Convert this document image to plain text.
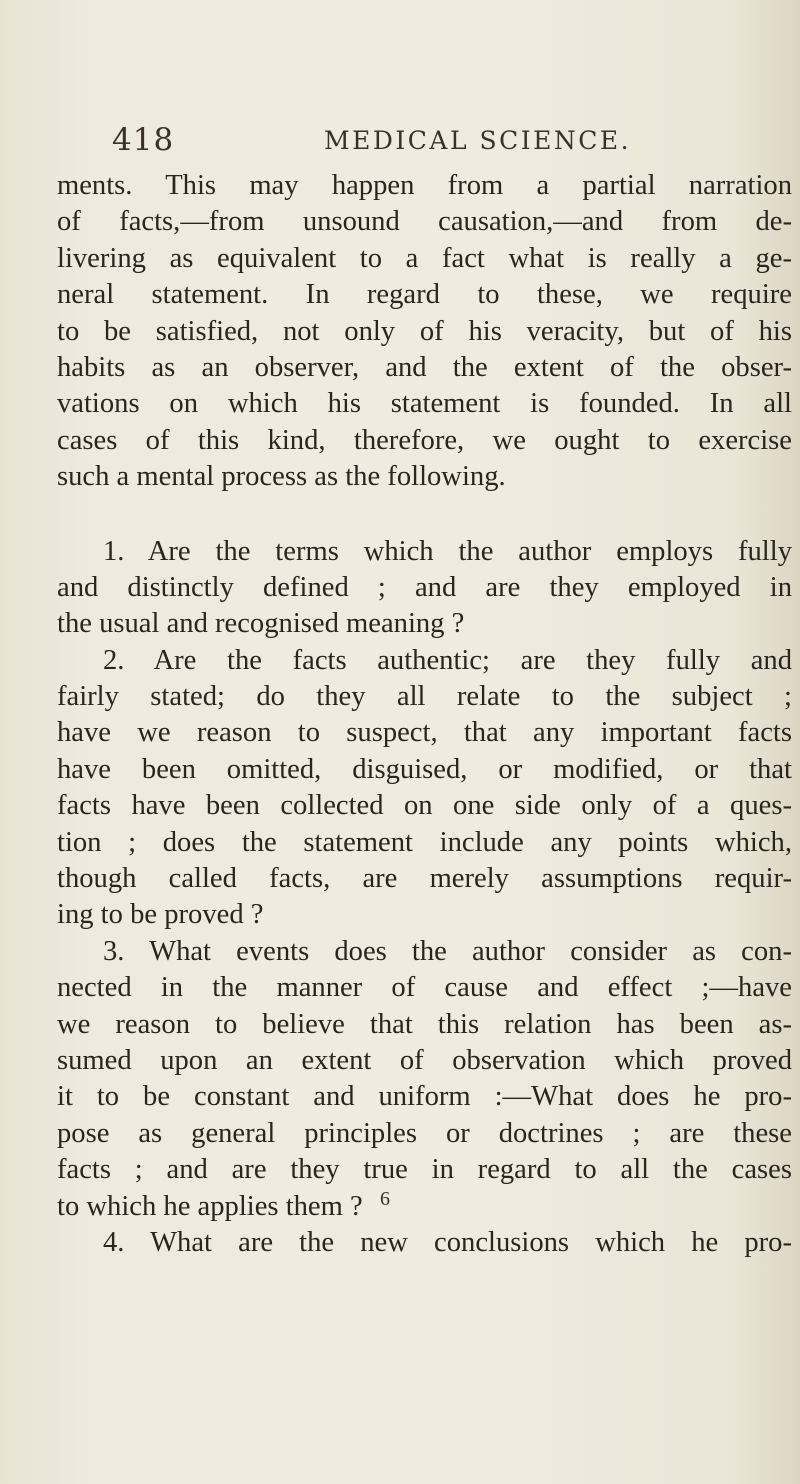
418	MEDICAL SCIENCE.
ments. This may happen from a partial narration
of facts,—from unsound causation,—and from de-
livering as equivalent to a fact what is really a ge-
neral statement. In regard to these, we require
to be satisfied, not only of his veracity, but of his
habits as an observer, and the extent of the obser-
vations on which his statement is founded. In all
cases of this kind, therefore, we ought to exercise
such a mental process as the following.
1. Are the terms which the author employs fully
and distinctly defined ; and are they employed in
the usual and recognised meaning ?
2. Are the facts authentic; are they fully and
fairly stated; do they all relate to the subject ;
have we reason to suspect, that any important facts
have been omitted, disguised, or modified, or that
facts have been collected on one side only of a ques-
tion ; does the statement include any points which,
though called facts, are merely assumptions requir-
ing to be proved ?
3. What events does the author consider as con-
nected in the manner of cause and effect ;—have
we reason to believe that this relation has been as-
sumed upon an extent of observation which proved
it to be constant and uniform :—What does he pro-
pose as general principles or doctrines ; are these
facts ; and are they true in regard to all the cases
to which he applies them ?
4. What are the new conclusions which he pro-
6
